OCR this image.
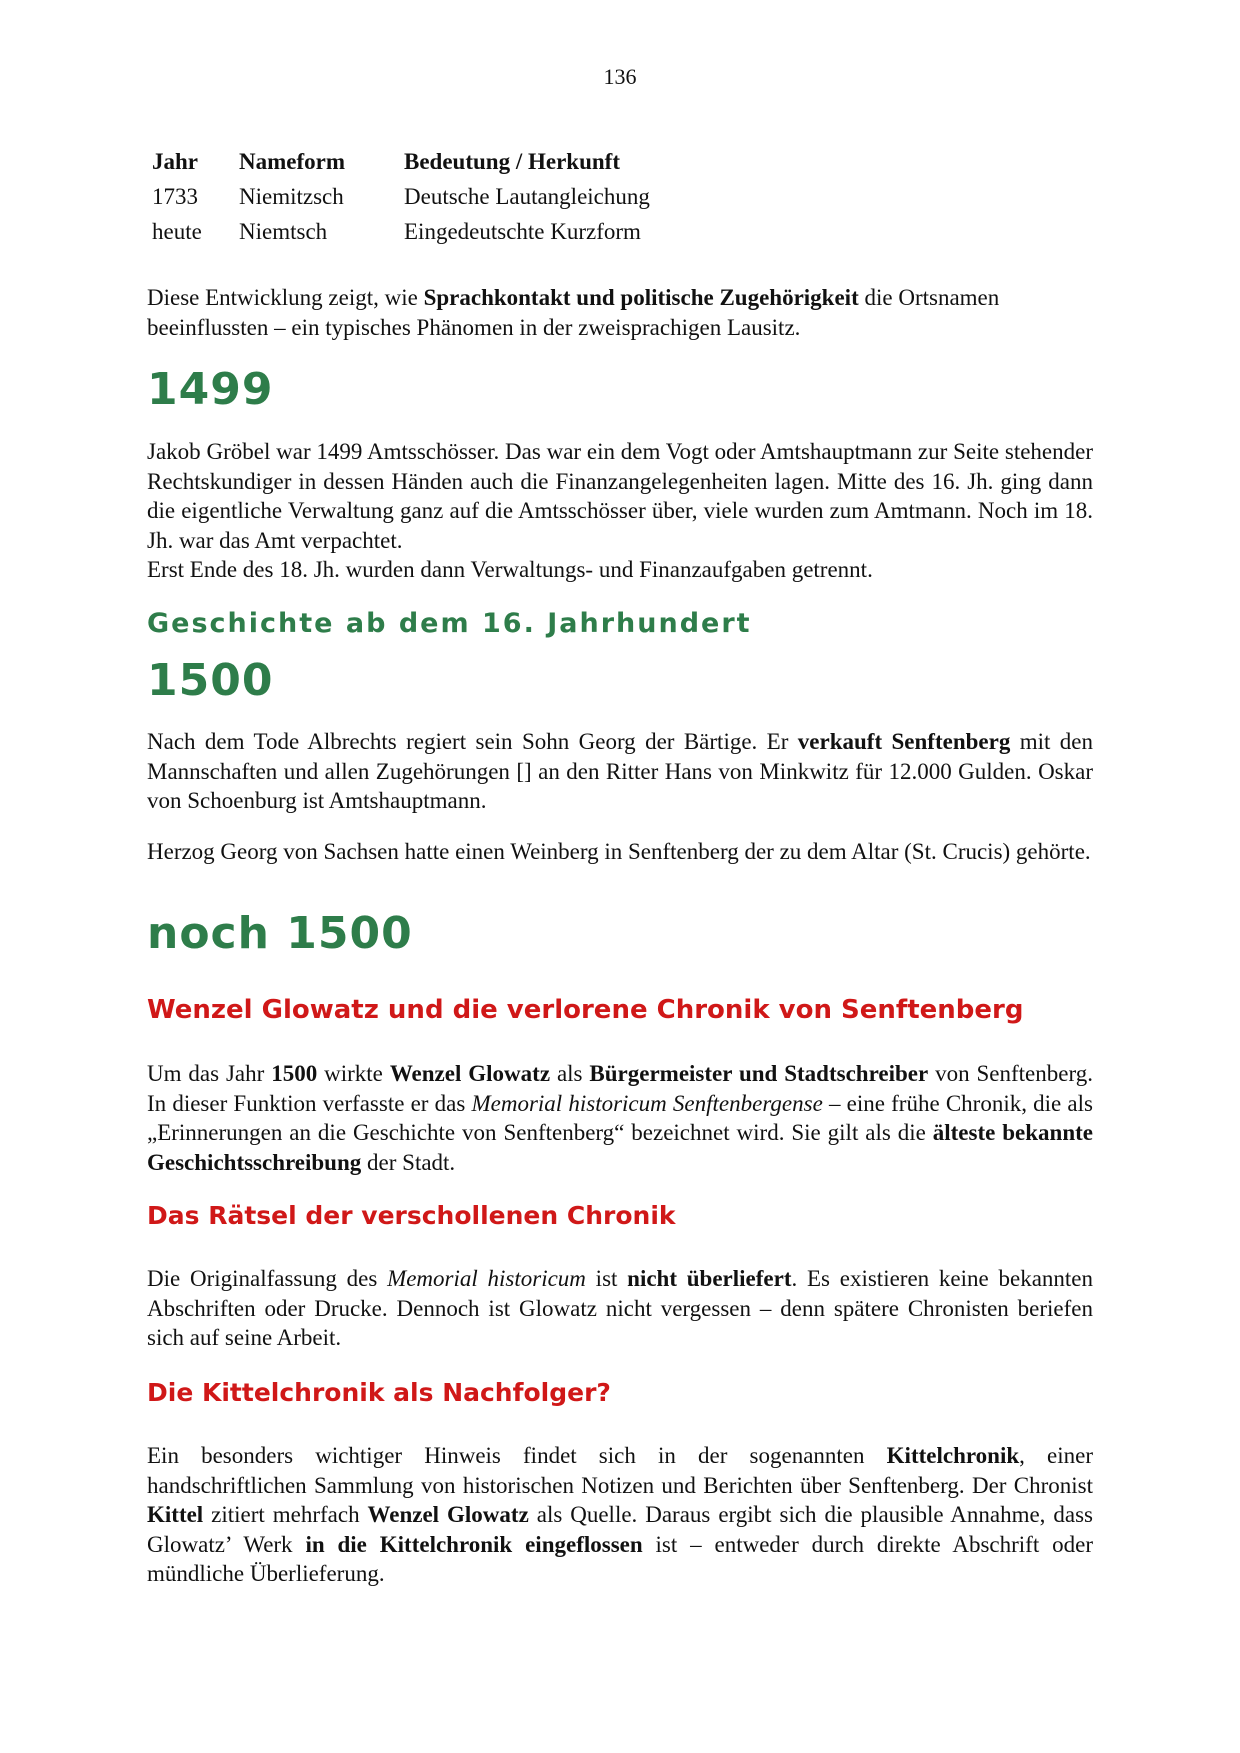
136
Jahr	Nameform	Bedeutung / Herkunft
1733	Niemitzsch	Deutsche Lautangleichung
heute	Niemtsch	Eingedeutschte Kurzform

Diese Entwicklung zeigt, wie Sprachkontakt und politische Zugehörigkeit die Ortsnamen beeinflussten – ein typisches Phänomen in der zweisprachigen Lausitz.

1499

Jakob Gröbel war 1499 Amtsschösser. Das war ein dem Vogt oder Amtshauptmann zur Seite stehender Rechtskundiger in dessen Händen auch die Finanzangelegenheiten lagen. Mitte des 16. Jh. ging dann die eigentliche Verwaltung ganz auf die Amtsschösser über, viele wurden zum Amtmann. Noch im 18. Jh. war das Amt verpachtet.

Erst Ende des 18. Jh. wurden dann Verwaltungs- und Finanzaufgaben getrennt.

Geschichte ab dem 16. Jahrhundert
1500

Nach dem Tode Albrechts regiert sein Sohn Georg der Bärtige. Er verkauft Senftenberg mit den Mannschaften und allen Zugehörungen [] an den Ritter Hans von Minkwitz für 12.000 Gulden. Oskar von Schoenburg ist Amtshauptmann.

Herzog Georg von Sachsen hatte einen Weinberg in Senftenberg der zu dem Altar (St. Crucis) gehörte.

noch 1500
Wenzel Glowatz und die verlorene Chronik von Senftenberg

Um das Jahr 1500 wirkte Wenzel Glowatz als Bürgermeister und Stadtschreiber von Senftenberg. In dieser Funktion verfasste er das Memorial historicum Senftenbergense – eine frühe Chronik, die als „Erinnerungen an die Geschichte von Senftenberg“ bezeichnet wird. Sie gilt als die älteste bekannte Geschichtsschreibung der Stadt.

Das Rätsel der verschollenen Chronik

Die Originalfassung des Memorial historicum ist nicht überliefert. Es existieren keine bekannten Abschriften oder Drucke. Dennoch ist Glowatz nicht vergessen – denn spätere Chronisten beriefen sich auf seine Arbeit.

Die Kittelchronik als Nachfolger?

Ein besonders wichtiger Hinweis findet sich in der sogenannten Kittelchronik, einer handschriftlichen Sammlung von historischen Notizen und Berichten über Senftenberg. Der Chronist Kittel zitiert mehrfach Wenzel Glowatz als Quelle. Daraus ergibt sich die plausible Annahme, dass Glowatz’ Werk in die Kittelchronik eingeflossen ist – entweder durch direkte Abschrift oder mündliche Überlieferung.
